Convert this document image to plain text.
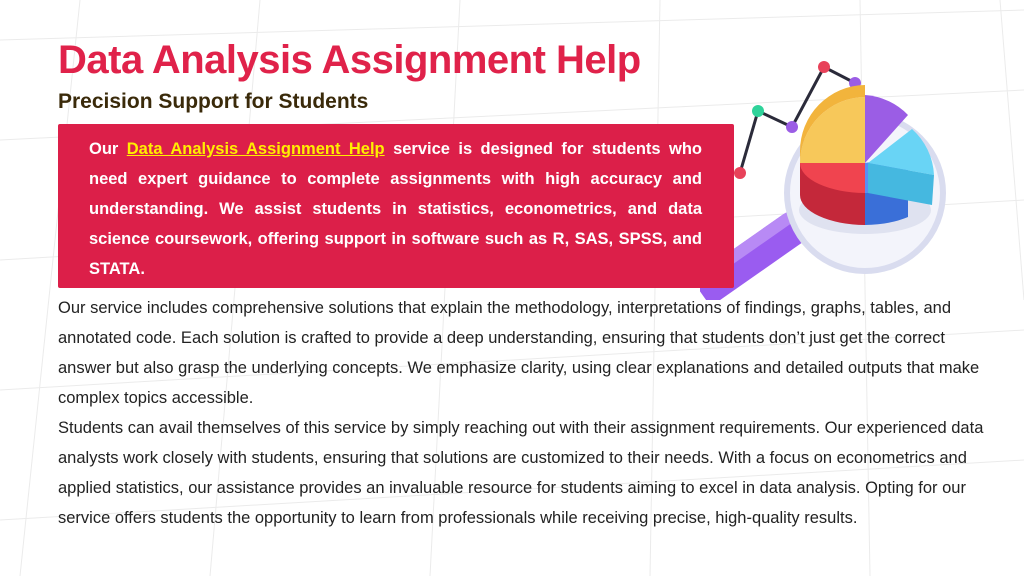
Data Analysis Assignment Help
Precision Support for Students

Our Data Analysis Assignment Help service is designed for students who need expert guidance to complete assignments with high accuracy and understanding. We assist students in statistics, econometrics, and data science coursework, offering support in software such as R, SAS, SPSS, and STATA.

Our service includes comprehensive solutions that explain the methodology, interpretations of findings, graphs, tables, and annotated code. Each solution is crafted to provide a deep understanding, ensuring that students don’t just get the correct answer but also grasp the underlying concepts. We emphasize clarity, using clear explanations and detailed outputs that make complex topics accessible.

Students can avail themselves of this service by simply reaching out with their assignment requirements. Our experienced data analysts work closely with students, ensuring that solutions are customized to their needs. With a focus on econometrics and applied statistics, our assistance provides an invaluable resource for students aiming to excel in data analysis. Opting for our service offers students the opportunity to learn from professionals while receiving precise, high-quality results.
